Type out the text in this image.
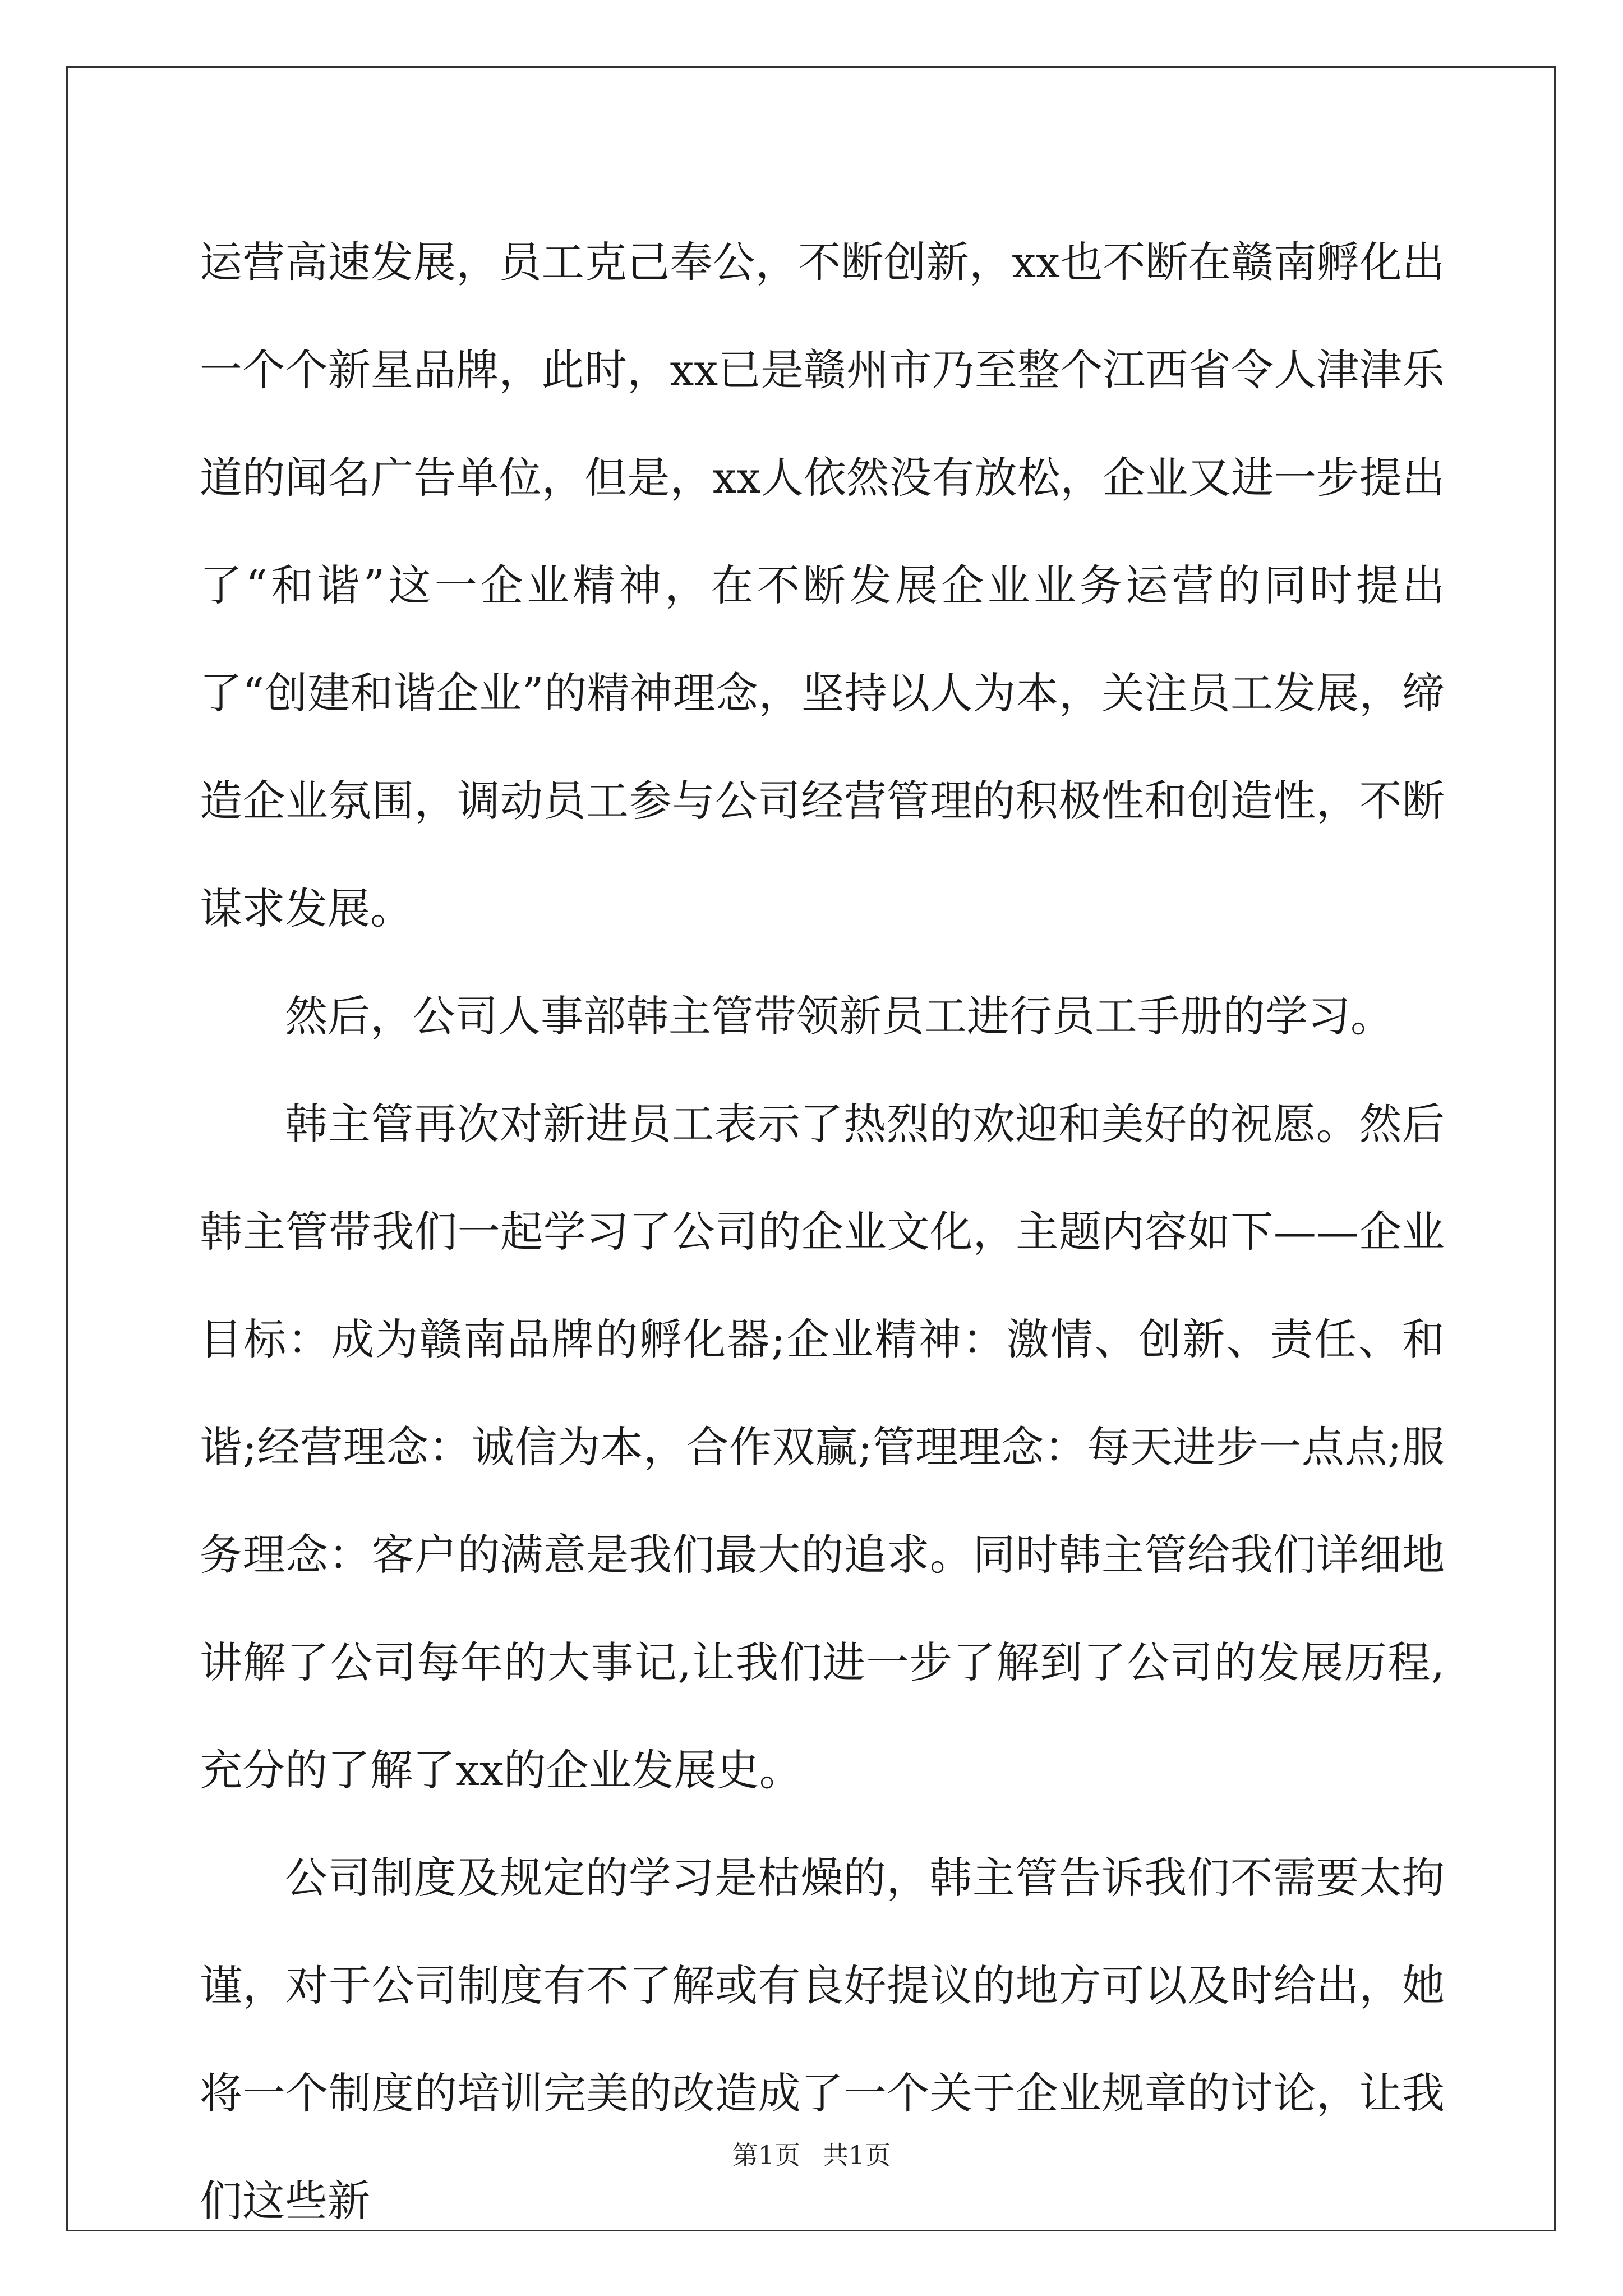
运营高速发展，员工克己奉公，不断创新，xx也不断在赣南孵化出一个个新星品牌，此时，xx已是赣州市乃至整个江西省令人津津乐道的闻名广告单位，但是，xx人依然没有放松，企业又进一步提出了“和谐”这一企业精神，在不断发展企业业务运营的同时提出了“创建和谐企业”的精神理念，坚持以人为本，关注员工发展，缔造企业氛围，调动员工参与公司经营管理的积极性和创造性，不断谋求发展。

然后，公司人事部韩主管带领新员工进行员工手册的学习。

韩主管再次对新进员工表示了热烈的欢迎和美好的祝愿。然后韩主管带我们一起学习了公司的企业文化，主题内容如下——企业目标：成为赣南品牌的孵化器;企业精神：激情、创新、责任、和谐;经营理念：诚信为本，合作双赢;管理理念：每天进步一点点;服务理念：客户的满意是我们最大的追求。同时韩主管给我们详细地讲解了公司每年的大事记,让我们进一步了解到了公司的发展历程,充分的了解了xx的企业发展史。

公司制度及规定的学习是枯燥的，韩主管告诉我们不需要太拘谨，对于公司制度有不了解或有良好提议的地方可以及时给出，她将一个制度的培训完美的改造成了一个关于企业规章的讨论，让我们这些新

第1页 共1页
